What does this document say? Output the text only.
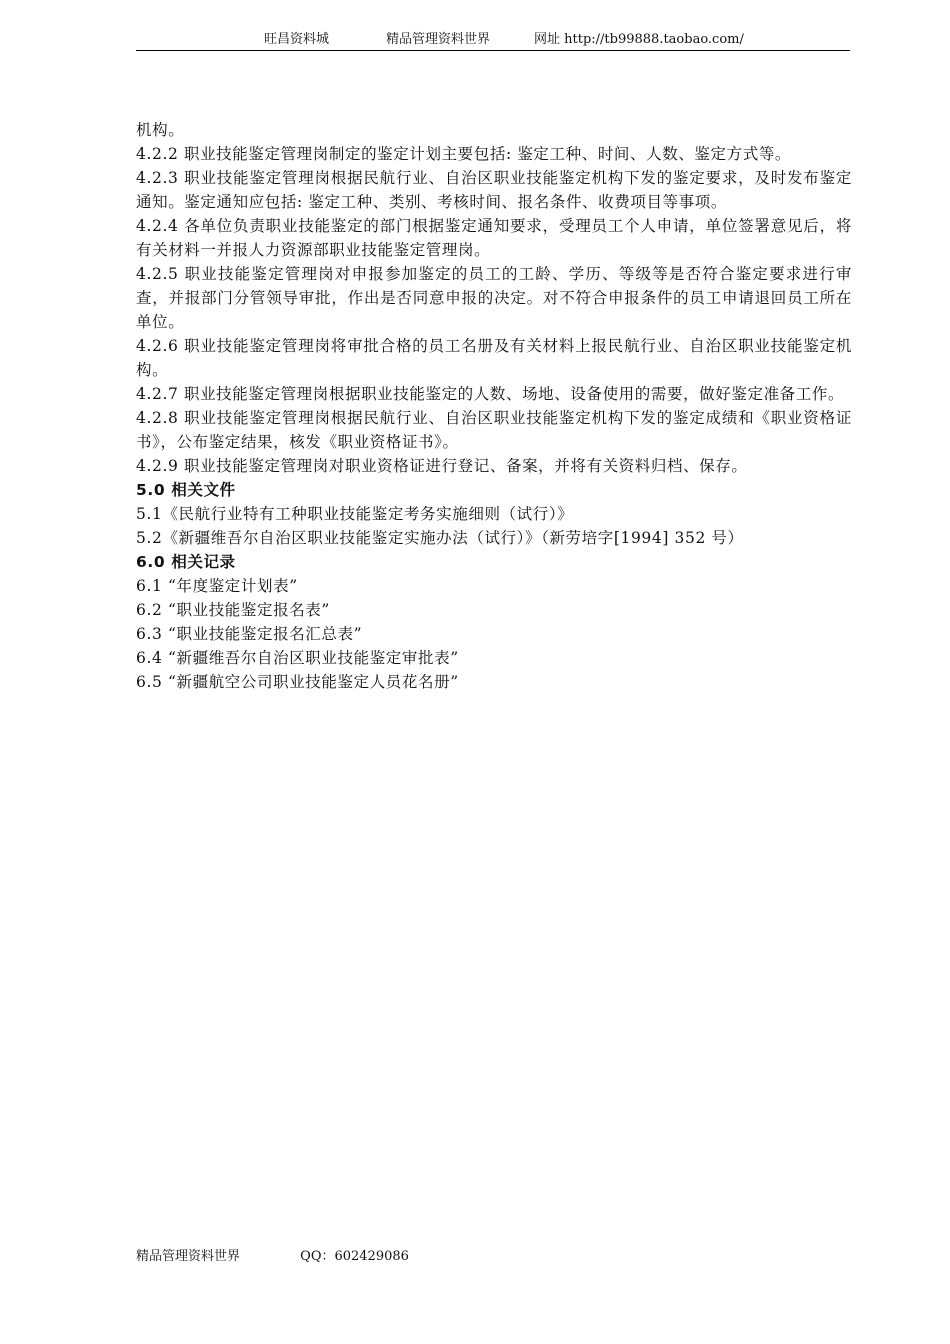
旺昌资料城	精品管理资料世界	网址 http://tb99888.taobao.com/

机构。

4.2.2 职业技能鉴定管理岗制定的鉴定计划主要包括: 鉴定工种、时间、人数、鉴定方式等。

4.2.3 职业技能鉴定管理岗根据民航行业、自治区职业技能鉴定机构下发的鉴定要求，及时发布鉴定通知。鉴定通知应包括: 鉴定工种、类别、考核时间、报名条件、收费项目等事项。

4.2.4 各单位负责职业技能鉴定的部门根据鉴定通知要求，受理员工个人申请，单位签署意见后，将有关材料一并报人力资源部职业技能鉴定管理岗。

4.2.5 职业技能鉴定管理岗对申报参加鉴定的员工的工龄、学历、等级等是否符合鉴定要求进行审查，并报部门分管领导审批，作出是否同意申报的决定。对不符合申报条件的员工申请退回员工所在单位。

4.2.6 职业技能鉴定管理岗将审批合格的员工名册及有关材料上报民航行业、自治区职业技能鉴定机构。

4.2.7 职业技能鉴定管理岗根据职业技能鉴定的人数、场地、设备使用的需要，做好鉴定准备工作。

4.2.8 职业技能鉴定管理岗根据民航行业、自治区职业技能鉴定机构下发的鉴定成绩和《职业资格证书》，公布鉴定结果，核发《职业资格证书》。

4.2.9 职业技能鉴定管理岗对职业资格证进行登记、备案，并将有关资料归档、保存。

5.0 相关文件

5.1《民航行业特有工种职业技能鉴定考务实施细则（试行）》

5.2《新疆维吾尔自治区职业技能鉴定实施办法（试行）》（新劳培字[1994] 352 号）

6.0 相关记录

6.1 “年度鉴定计划表”

6.2 “职业技能鉴定报名表”

6.3 “职业技能鉴定报名汇总表”

6.4 “新疆维吾尔自治区职业技能鉴定审批表”

6.5 “新疆航空公司职业技能鉴定人员花名册”

精品管理资料世界	QQ：602429086
